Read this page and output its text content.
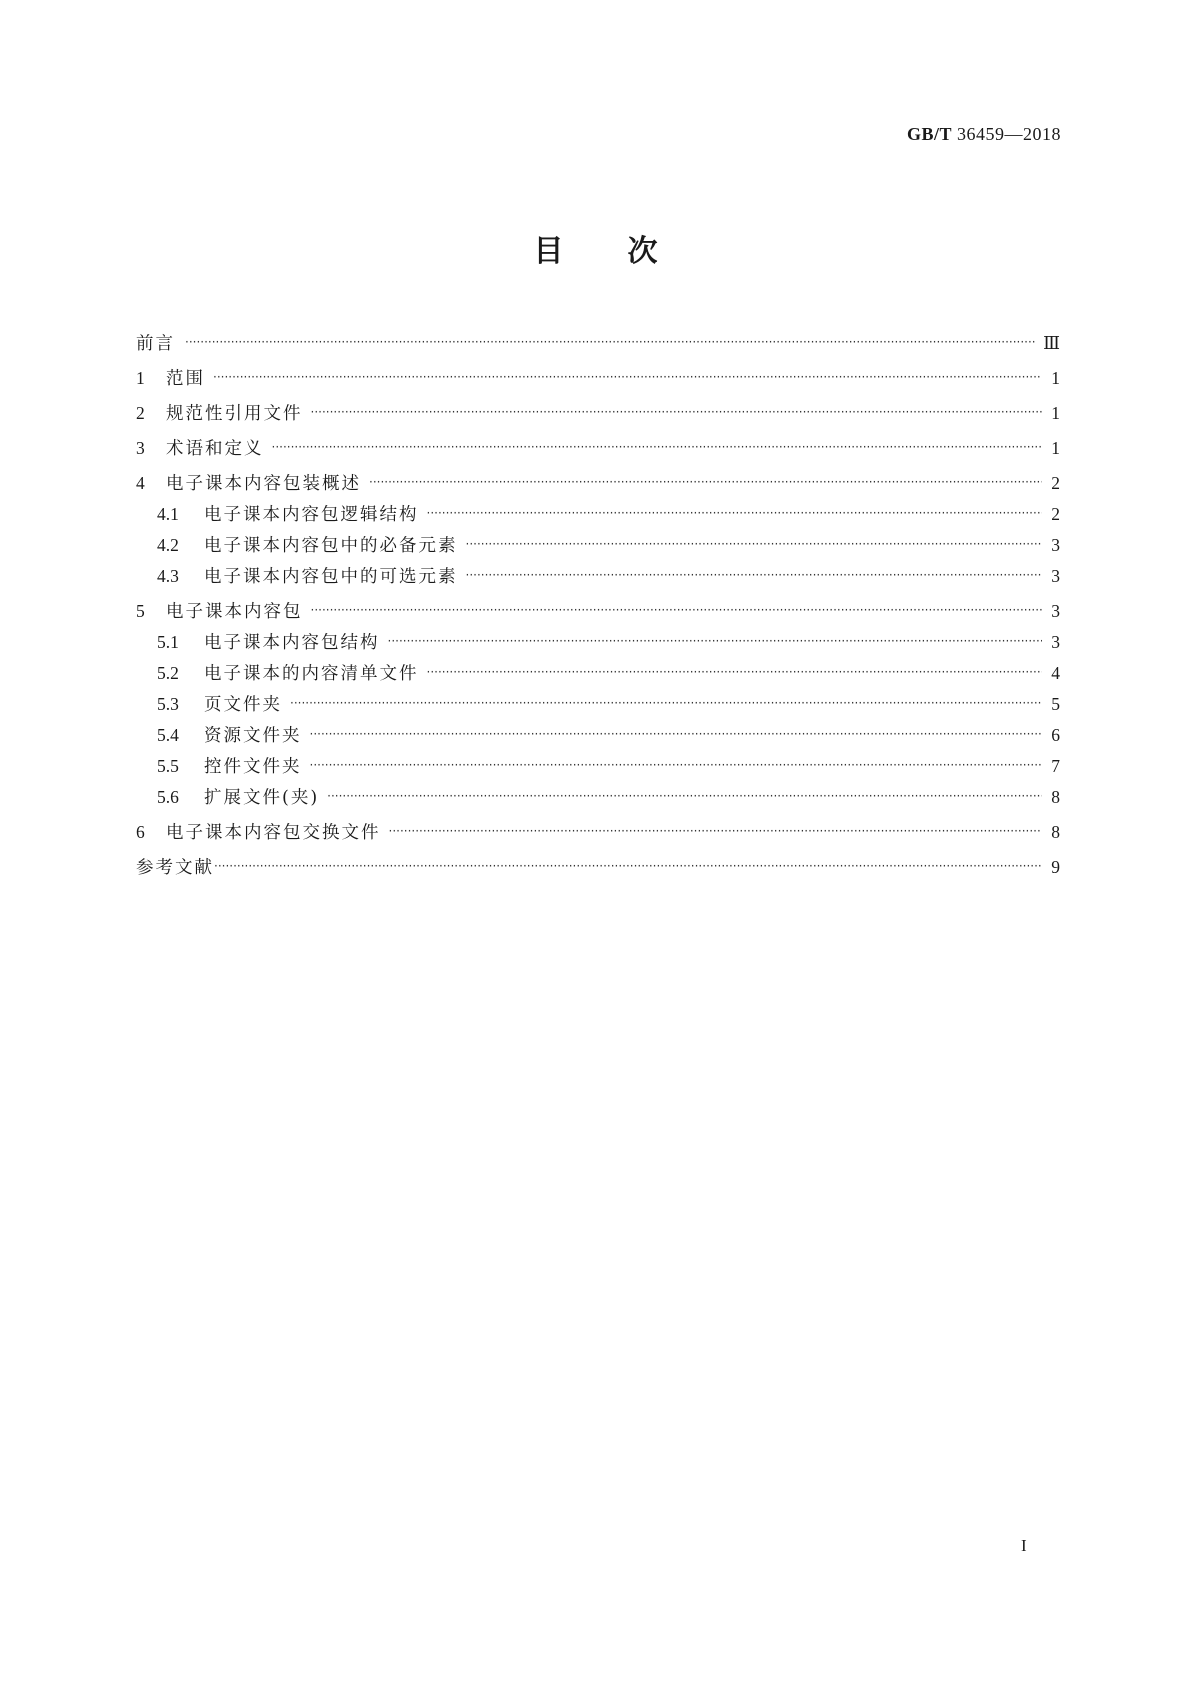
GB/T 36459—2018
目 次
前言 ·····	Ⅲ
1	范围 ·····	1
2	规范性引用文件 ·····	1
3	术语和定义 ·····	1
4	电子课本内容包装概述 ·····	2
4.1	电子课本内容包逻辑结构 ·····	2
4.2	电子课本内容包中的必备元素 ·····	3
4.3	电子课本内容包中的可选元素 ·····	3
5	电子课本内容包 ·····	3
5.1	电子课本内容包结构 ·····	3
5.2	电子课本的内容清单文件 ·····	4
5.3	页文件夹 ·····	5
5.4	资源文件夹 ·····	6
5.5	控件文件夹 ·····	7
5.6	扩展文件(夹) ·····	8
6	电子课本内容包交换文件 ·····	8
参考文献 ·····	9
I
